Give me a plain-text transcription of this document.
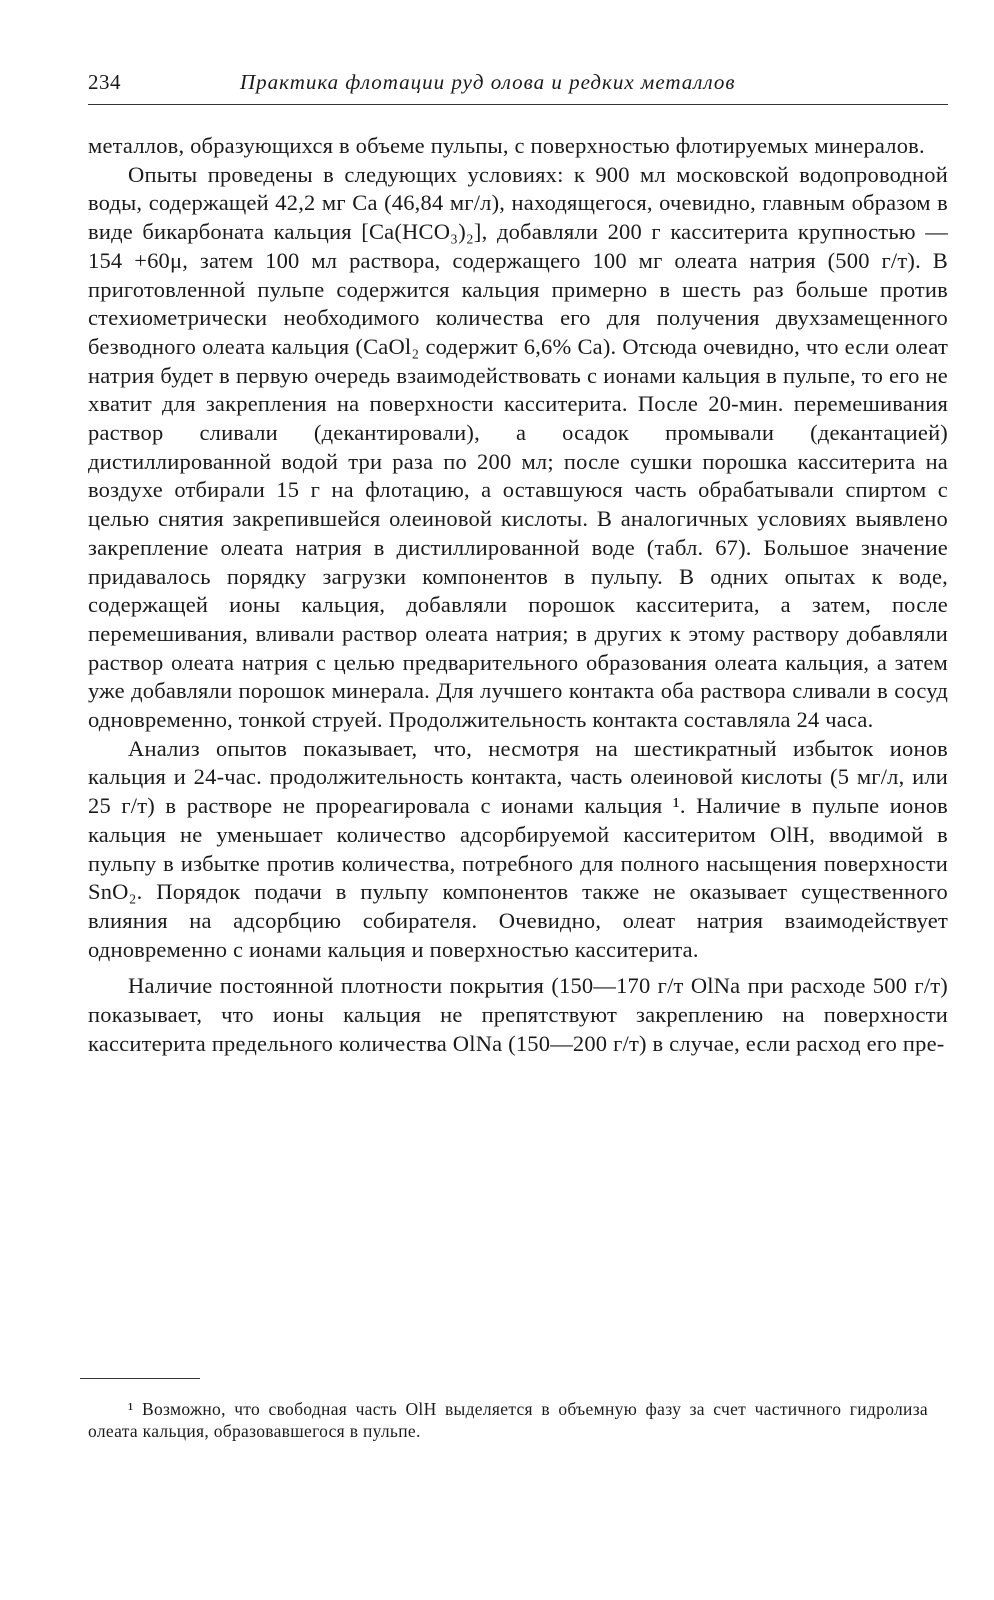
234	Практика флотации руд олова и редких металлов

металлов, образующихся в объеме пульпы, с поверхностью флотируемых минералов.

Опыты проведены в следующих условиях: к 900 мл московской водопроводной воды, содержащей 42,2 мг Ca (46,84 мг/л), находящегося, очевидно, главным образом в виде бикарбоната кальция [Ca(HCO₃)₂], добавляли 200 г касситерита крупностью — 154 +60μ, затем 100 мл раствора, содержащего 100 мг олеата натрия (500 г/т). В приготовленной пульпе содержится кальция примерно в шесть раз больше против стехиометрически необходимого количества его для получения двухзамещенного безводного олеата кальция (CaOl₂ содержит 6,6% Ca). Отсюда очевидно, что если олеат натрия будет в первую очередь взаимодействовать с ионами кальция в пульпе, то его не хватит для закрепления на поверхности касситерита. После 20-мин. перемешивания раствор сливали (декантировали), а осадок промывали (декантацией) дистиллированной водой три раза по 200 мл; после сушки порошка касситерита на воздухе отбирали 15 г на флотацию, а оставшуюся часть обрабатывали спиртом с целью снятия закрепившейся олеиновой кислоты. В аналогичных условиях выявлено закрепление олеата натрия в дистиллированной воде (табл. 67). Большое значение придавалось порядку загрузки компонентов в пульпу. В одних опытах к воде, содержащей ионы кальция, добавляли порошок касситерита, а затем, после перемешивания, вливали раствор олеата натрия; в других к этому раствору добавляли раствор олеата натрия с целью предварительного образования олеата кальция, а затем уже добавляли порошок минерала. Для лучшего контакта оба раствора сливали в сосуд одновременно, тонкой струей. Продолжительность контакта составляла 24 часа.

Анализ опытов показывает, что, несмотря на шестикратный избыток ионов кальция и 24-час. продолжительность контакта, часть олеиновой кислоты (5 мг/л, или 25 г/т) в растворе не прореагировала с ионами кальция ¹. Наличие в пульпе ионов кальция не уменьшает количество адсорбируемой касситеритом OlH, вводимой в пульпу в избытке против количества, потребного для полного насыщения поверхности SnO₂. Порядок подачи в пульпу компонентов также не оказывает существенного влияния на адсорбцию собирателя. Очевидно, олеат натрия взаимодействует одновременно с ионами кальция и поверхностью касситерита.

Наличие постоянной плотности покрытия (150—170 г/т OlNa при расходе 500 г/т) показывает, что ионы кальция не препятствуют закреплению на поверхности касситерита предельного количества OlNa (150—200 г/т) в случае, если расход его пре-

¹ Возможно, что свободная часть OlH выделяется в объемную фазу за счет частичного гидролиза олеата кальция, образовавшегося в пульпе.
